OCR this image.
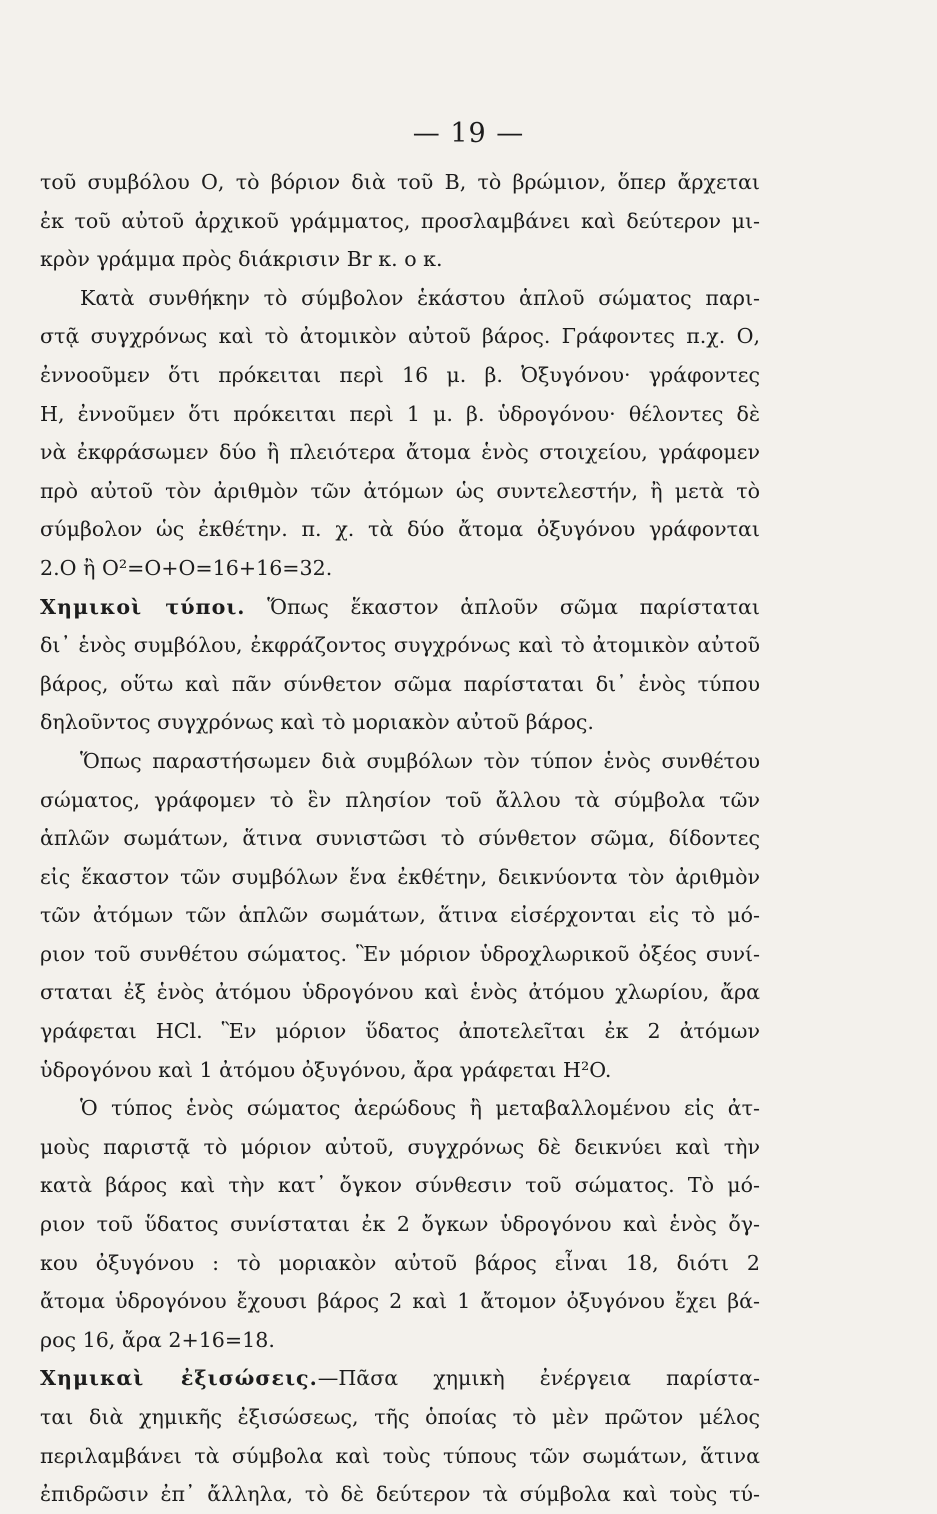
— 19 —
τοῦ συμβόλου Ο, τὸ βόριον διὰ τοῦ Β, τὸ βρώμιον, ὅπερ ἄρχεται
ἐκ τοῦ αὐτοῦ ἀρχικοῦ γράμματος, προσλαμβάνει καὶ δεύτερον μι-
κρὸν γράμμα πρὸς διάκρισιν Br κ. ο κ.
Κατὰ συνθήκην τὸ σύμβολον ἑκάστου ἁπλοῦ σώματος παρι-
στᾷ συγχρόνως καὶ τὸ ἀτομικὸν αὐτοῦ βάρος. Γράφοντες π.χ. Ο,
ἐννοοῦμεν ὅτι πρόκειται περὶ 16 μ. β. Ὀξυγόνου· γράφοντες
Η, ἐννοῦμεν ὅτι πρόκειται περὶ 1 μ. β. ὑδρογόνου· θέλοντες δὲ
νὰ ἐκφράσωμεν δύο ἢ πλειότερα ἄτομα ἑνὸς στοιχείου, γράφομεν
πρὸ αὐτοῦ τὸν ἀριθμὸν τῶν ἀτόμων ὡς συντελεστήν, ἢ μετὰ τὸ
σύμβολον ὡς ἐκθέτην. π. χ. τὰ δύο ἄτομα ὀξυγόνου γράφονται
2.Ο ἢ Ο²=Ο+Ο=16+16=32.
Χημικοὶ τύποι. Ὅπως ἕκαστον ἁπλοῦν σῶμα παρίσταται
δι᾽ ἑνὸς συμβόλου, ἐκφράζοντος συγχρόνως καὶ τὸ ἀτομικὸν αὐτοῦ
βάρος, οὕτω καὶ πᾶν σύνθετον σῶμα παρίσταται δι᾽ ἑνὸς τύπου
δηλοῦντος συγχρόνως καὶ τὸ μοριακὸν αὐτοῦ βάρος.
Ὅπως παραστήσωμεν διὰ συμβόλων τὸν τύπον ἑνὸς συνθέτου
σώματος, γράφομεν τὸ ἓν πλησίον τοῦ ἄλλου τὰ σύμβολα τῶν
ἁπλῶν σωμάτων, ἅτινα συνιστῶσι τὸ σύνθετον σῶμα, δίδοντες
εἰς ἕκαστον τῶν συμβόλων ἕνα ἐκθέτην, δεικνύοντα τὸν ἀριθμὸν
τῶν ἀτόμων τῶν ἁπλῶν σωμάτων, ἅτινα εἰσέρχονται εἰς τὸ μό-
ριον τοῦ συνθέτου σώματος. Ἓν μόριον ὑδροχλωρικοῦ ὀξέος συνί-
σταται ἐξ ἑνὸς ἀτόμου ὑδρογόνου καὶ ἑνὸς ἀτόμου χλωρίου, ἄρα
γράφεται HCl. Ἓν μόριον ὕδατος ἀποτελεῖται ἐκ 2 ἀτόμων
ὑδρογόνου καὶ 1 ἀτόμου ὀξυγόνου, ἄρα γράφεται H²O.
Ὁ τύπος ἑνὸς σώματος ἀερώδους ἢ μεταβαλλομένου εἰς ἀτ-
μοὺς παριστᾷ τὸ μόριον αὐτοῦ, συγχρόνως δὲ δεικνύει καὶ τὴν
κατὰ βάρος καὶ τὴν κατ᾽ ὄγκον σύνθεσιν τοῦ σώματος. Τὸ μό-
ριον τοῦ ὕδατος συνίσταται ἐκ 2 ὄγκων ὑδρογόνου καὶ ἑνὸς ὄγ-
κου ὀξυγόνου : τὸ μοριακὸν αὐτοῦ βάρος εἶναι 18, διότι 2
ἄτομα ὑδρογόνου ἔχουσι βάρος 2 καὶ 1 ἄτομον ὀξυγόνου ἔχει βά-
ρος 16, ἄρα 2+16=18.
Χημικαὶ ἐξισώσεις.—Πᾶσα χημικὴ ἐνέργεια παρίστα-
ται διὰ χημικῆς ἐξισώσεως, τῆς ὁποίας τὸ μὲν πρῶτον μέλος
περιλαμβάνει τὰ σύμβολα καὶ τοὺς τύπους τῶν σωμάτων, ἅτινα
ἐπιδρῶσιν ἐπ᾽ ἄλληλα, τὸ δὲ δεύτερον τὰ σύμβολα καὶ τοὺς τύ-
